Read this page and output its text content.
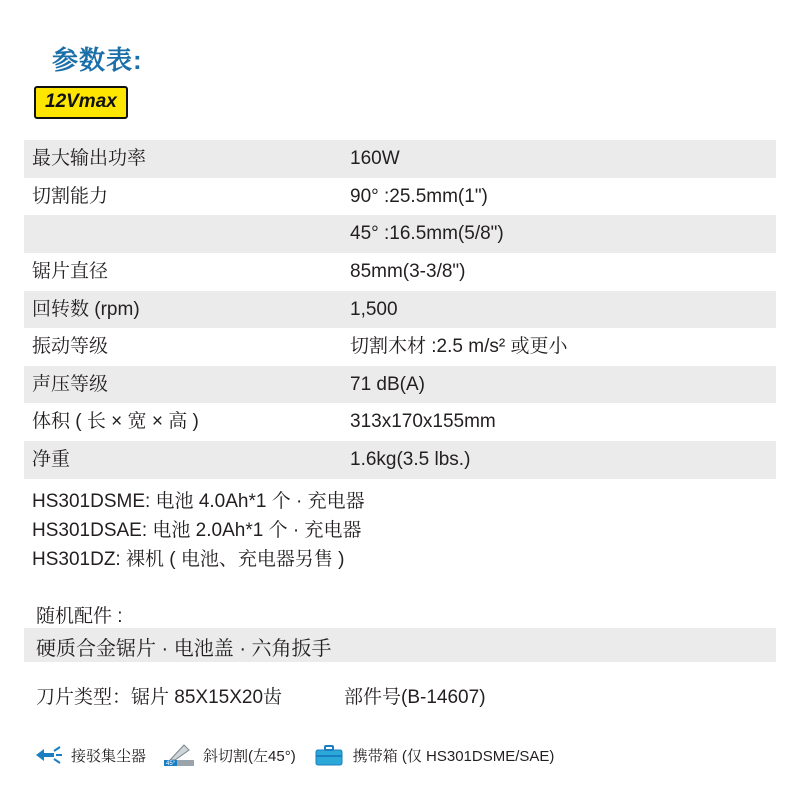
参数表:
12Vmax
最大输出功率	160W
切割能力	90° :25.5mm(1")
	45° :16.5mm(5/8")
锯片直径	85mm(3-3/8")
回转数 (rpm)	1,500
振动等级	切割木材 :2.5 m/s² 或更小
声压等级	71 dB(A)
体积 ( 长 × 宽 × 高 )	313x170x155mm
净重	1.6kg(3.5 lbs.)
HS301DSME: 电池 4.0Ah*1 个 · 充电器
HS301DSAE: 电池 2.0Ah*1 个 · 充电器
HS301DZ: 裸机 ( 电池、充电器另售 )
随机配件 :
硬质合金锯片 · 电池盖 · 六角扳手
刀片类型：锯片 85X15X20齿	部件号(B-14607)
接驳集尘器	45° 斜切割(左45°)	携带箱 (仅 HS301DSME/SAE)
